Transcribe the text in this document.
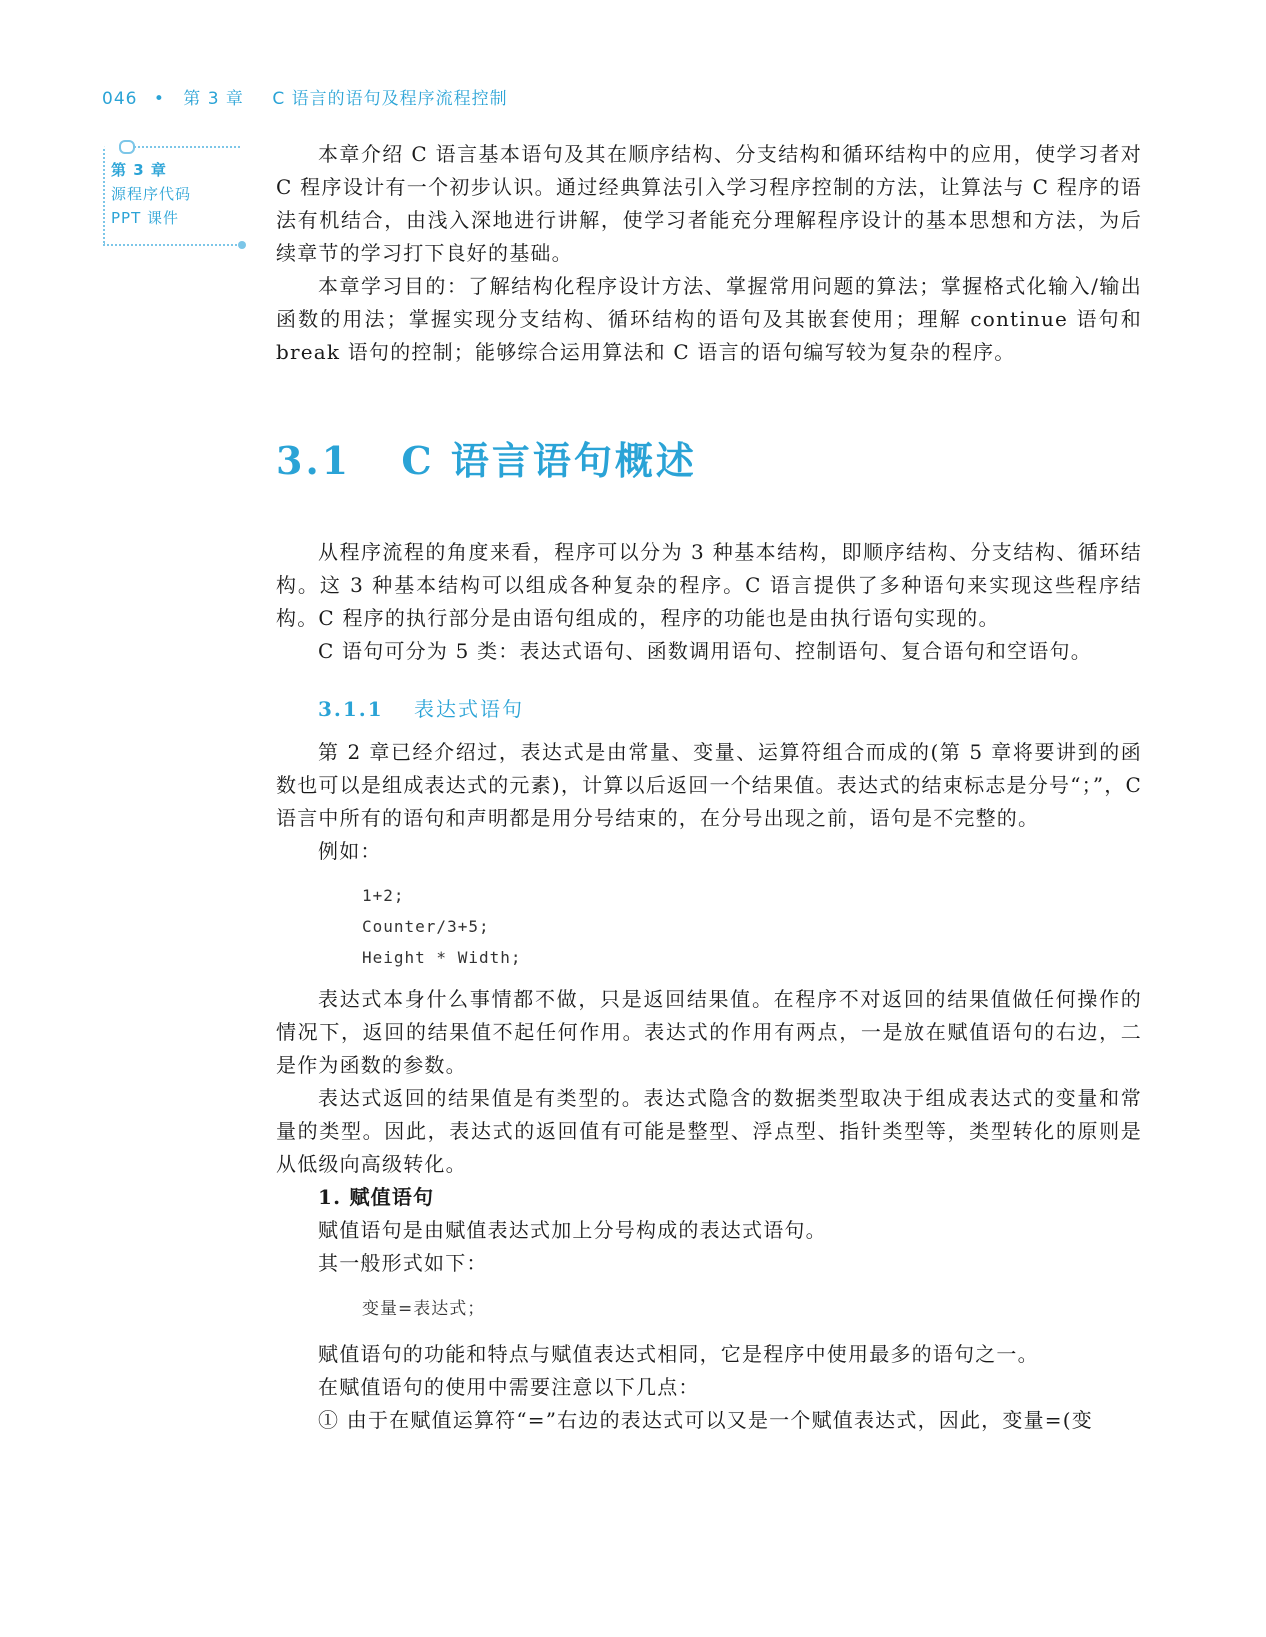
046 • 第 3 章 C 语言的语句及程序流程控制
第 3 章
源程序代码
PPT 课件

本章介绍 C 语言基本语句及其在顺序结构、分支结构和循环结构中的应用，使学习者对 C 程序设计有一个初步认识。通过经典算法引入学习程序控制的方法，让算法与 C 程序的语法有机结合，由浅入深地进行讲解，使学习者能充分理解程序设计的基本思想和方法，为后续章节的学习打下良好的基础。

本章学习目的：了解结构化程序设计方法、掌握常用问题的算法；掌握格式化输入/输出函数的用法；掌握实现分支结构、循环结构的语句及其嵌套使用；理解 continue 语句和 break 语句的控制；能够综合运用算法和 C 语言的语句编写较为复杂的程序。

3.1 C 语言语句概述

从程序流程的角度来看，程序可以分为 3 种基本结构，即顺序结构、分支结构、循环结构。这 3 种基本结构可以组成各种复杂的程序。C 语言提供了多种语句来实现这些程序结构。C 程序的执行部分是由语句组成的，程序的功能也是由执行语句实现的。

C 语句可分为 5 类：表达式语句、函数调用语句、控制语句、复合语句和空语句。

3.1.1 表达式语句

第 2 章已经介绍过，表达式是由常量、变量、运算符组合而成的(第 5 章将要讲到的函数也可以是组成表达式的元素)，计算以后返回一个结果值。表达式的结束标志是分号“；”，C 语言中所有的语句和声明都是用分号结束的，在分号出现之前，语句是不完整的。

例如：

1+2;
Counter/3+5;
Height * Width;

表达式本身什么事情都不做，只是返回结果值。在程序不对返回的结果值做任何操作的情况下，返回的结果值不起任何作用。表达式的作用有两点，一是放在赋值语句的右边，二是作为函数的参数。

表达式返回的结果值是有类型的。表达式隐含的数据类型取决于组成表达式的变量和常量的类型。因此，表达式的返回值有可能是整型、浮点型、指针类型等，类型转化的原则是从低级向高级转化。

1. 赋值语句

赋值语句是由赋值表达式加上分号构成的表达式语句。

其一般形式如下：

变量=表达式；

赋值语句的功能和特点与赋值表达式相同，它是程序中使用最多的语句之一。

在赋值语句的使用中需要注意以下几点：

① 由于在赋值运算符“=”右边的表达式可以又是一个赋值表达式，因此，变量=(变
